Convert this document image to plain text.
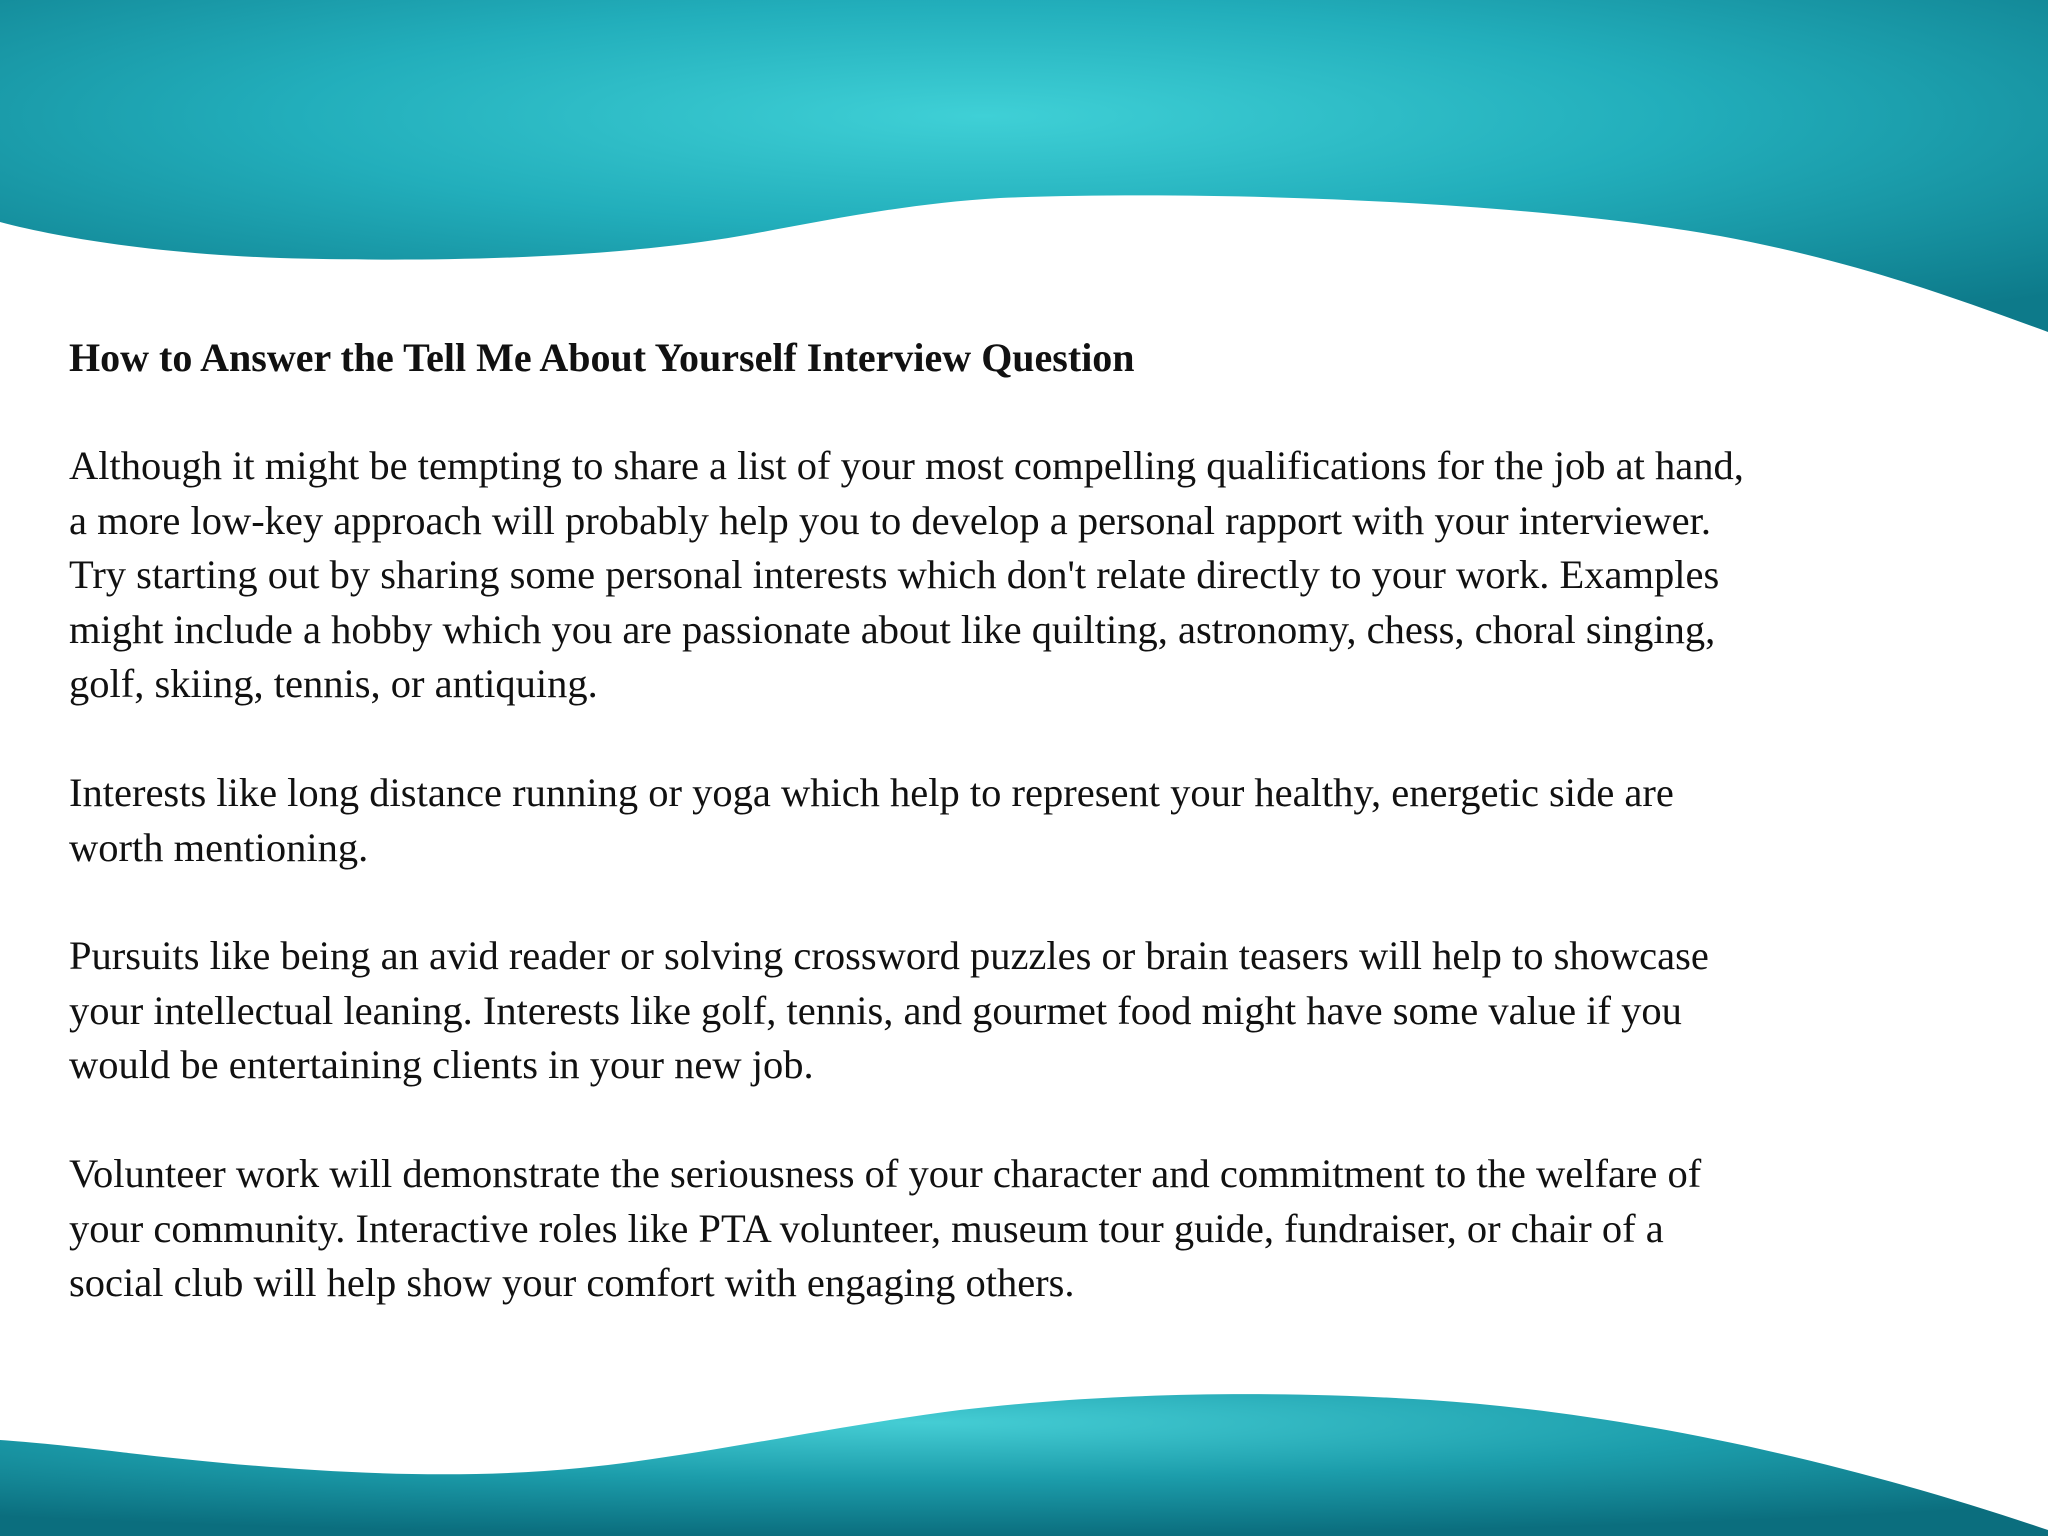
How to Answer the Tell Me About Yourself Interview Question

Although it might be tempting to share a list of your most compelling qualifications for the job at hand,
a more low-key approach will probably help you to develop a personal rapport with your interviewer.
Try starting out by sharing some personal interests which don't relate directly to your work. Examples
might include a hobby which you are passionate about like quilting, astronomy, chess, choral singing,
golf, skiing, tennis, or antiquing.

Interests like long distance running or yoga which help to represent your healthy, energetic side are
worth mentioning.

Pursuits like being an avid reader or solving crossword puzzles or brain teasers will help to showcase
your intellectual leaning. Interests like golf, tennis, and gourmet food might have some value if you
would be entertaining clients in your new job.

Volunteer work will demonstrate the seriousness of your character and commitment to the welfare of
your community. Interactive roles like PTA volunteer, museum tour guide, fundraiser, or chair of a
social club will help show your comfort with engaging others.
